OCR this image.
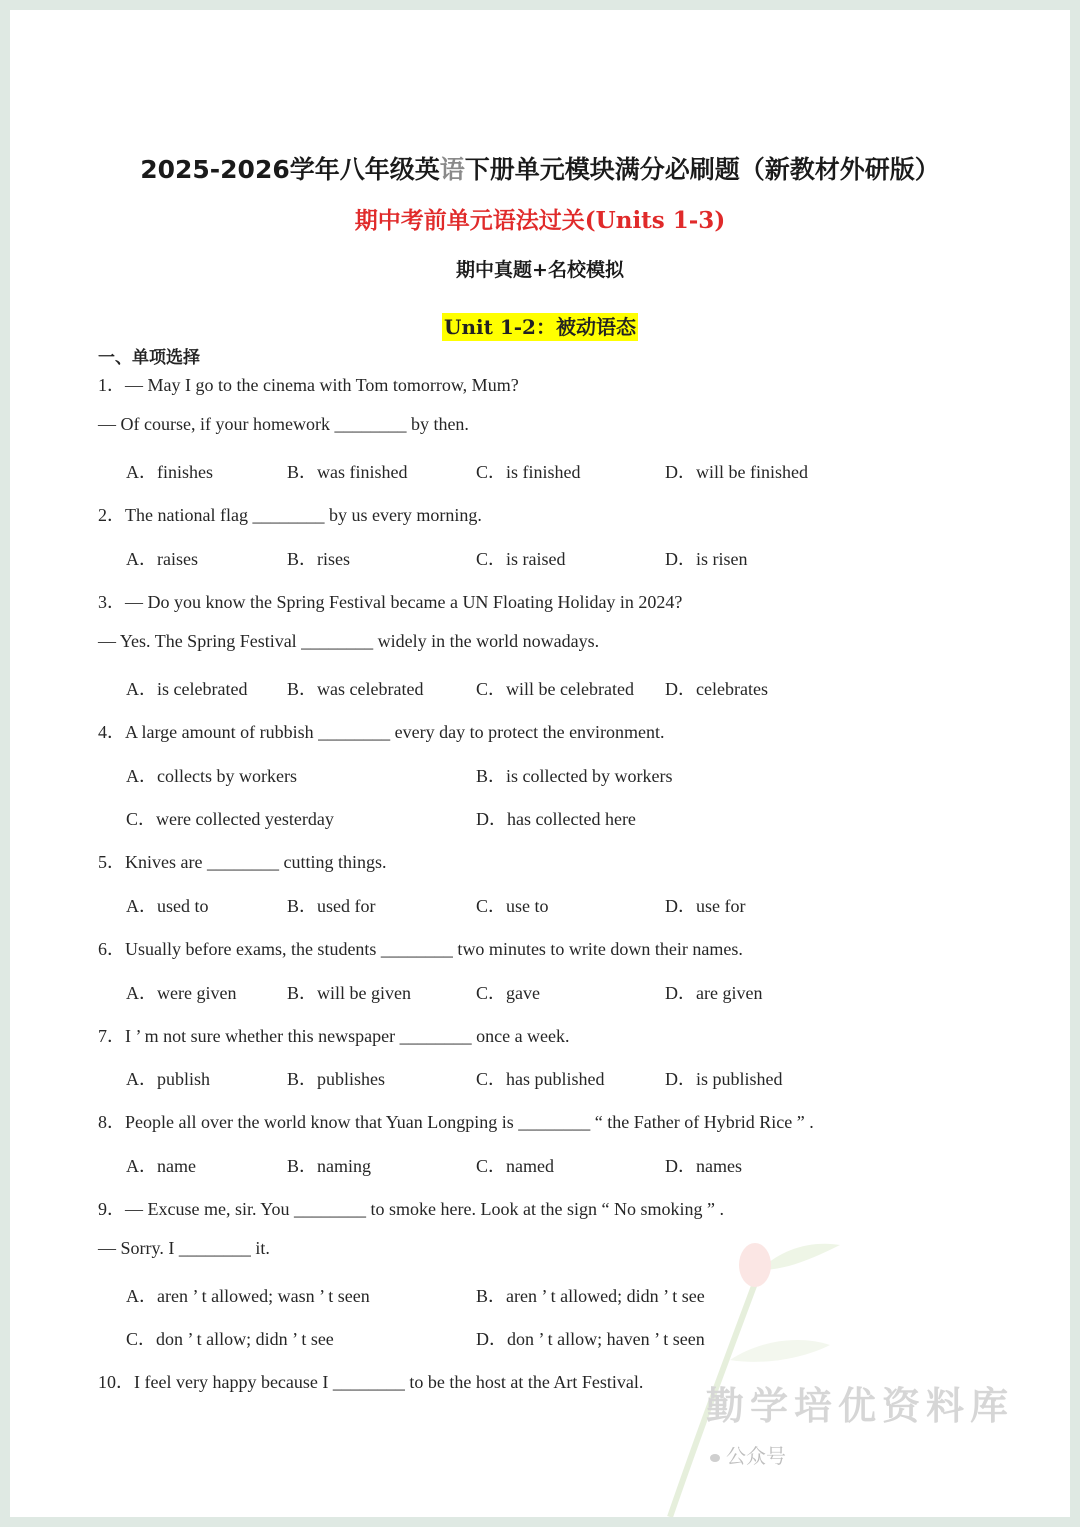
2025-2026学年八年级英语下册单元模块满分必刷题（新教材外研版）
期中考前单元语法过关(Units 1-3)
期中真题+名校模拟
Unit 1-2：被动语态
一、单项选择
1．— May I go to the cinema with Tom tomorrow, Mum?
— Of course, if your homework ________ by then.
A．finishes	B．was finished	C．is finished	D．will be finished
2．The national flag ________ by us every morning.
A．raises	B．rises	C．is raised	D．is risen
3．— Do you know the Spring Festival became a UN Floating Holiday in 2024?
— Yes. The Spring Festival ________ widely in the world nowadays.
A．is celebrated B．was celebrated	C．will be celebrated D．celebrates
4．A large amount of rubbish ________ every day to protect the environment.
A．collects by workers	B．is collected by workers
C．were collected yesterday	D．has collected here
5．Knives are ________ cutting things.
A．used to	B．used for	C．use to	D．use for
6．Usually before exams, the students ________ two minutes to write down their names.
A．were given	B．will be given	C．gave	D．are given
7．I ’ m not sure whether this newspaper ________ once a week.
A．publish	B．publishes	C．has published	D．is published
8．People all over the world know that Yuan Longping is ________ “ the Father of Hybrid Rice ” .
A．name	B．naming	C．named	D．names
9．— Excuse me, sir. You ________ to smoke here. Look at the sign “ No smoking ” .
— Sorry. I ________ it.
A．aren ’ t allowed; wasn ’ t seen	B．aren ’ t allowed; didn ’ t see
C．don ’ t allow; didn ’ t see	D．don ’ t allow; haven ’ t seen
10．I feel very happy because I ________ to be the host at the Art Festival.
勤学培优资料库
公众号
